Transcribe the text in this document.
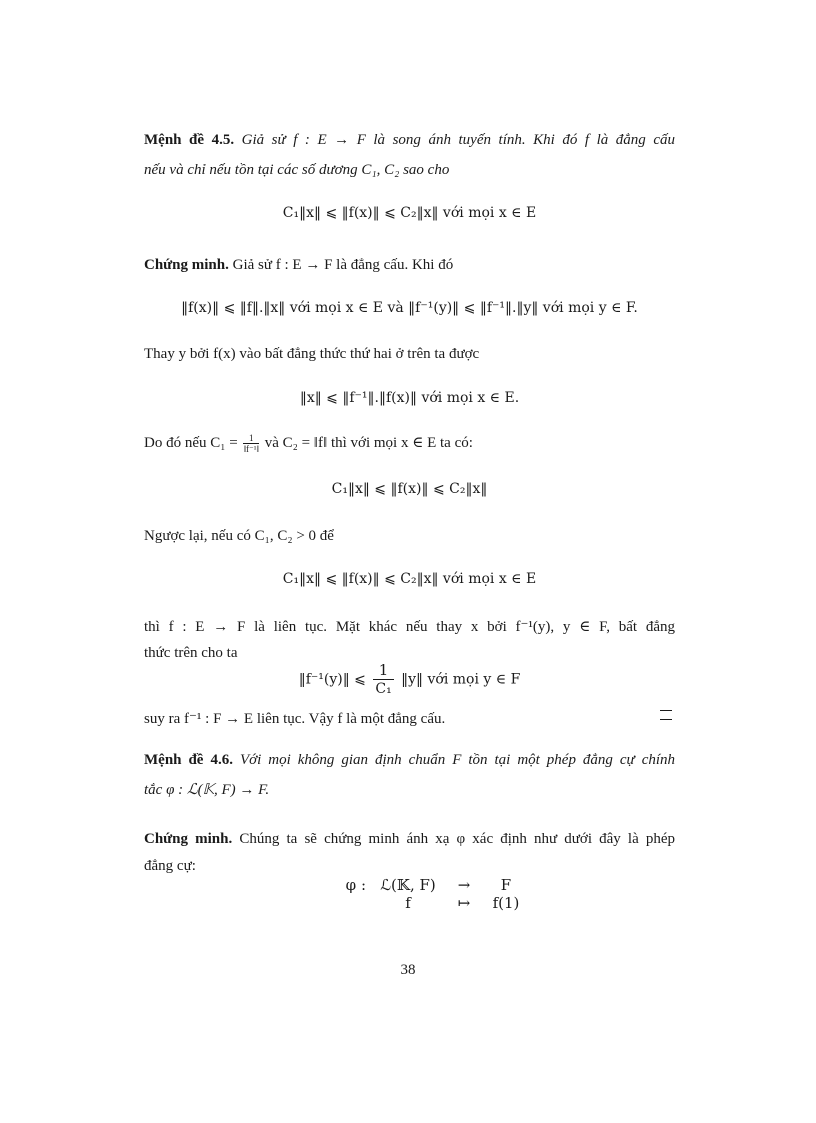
Mệnh đề 4.5. Giả sử f : E → F là song ánh tuyến tính. Khi đó f là đẳng cấu
nếu và chỉ nếu tồn tại các số dương C₁, C₂ sao cho
C₁‖x‖ ⩽ ‖f(x)‖ ⩽ C₂‖x‖ với mọi x ∈ E
Chứng minh. Giả sử f : E → F là đẳng cấu. Khi đó
‖f(x)‖ ⩽ ‖f‖.‖x‖ với mọi x ∈ E và ‖f⁻¹(y)‖ ⩽ ‖f⁻¹‖.‖y‖ với mọi y ∈ F.
Thay y bởi f(x) vào bất đẳng thức thứ hai ở trên ta được
‖x‖ ⩽ ‖f⁻¹‖.‖f(x)‖ với mọi x ∈ E.
Do đó nếu $C_1 = \frac{1}{\text{‖f⁻¹‖}}$ và C₂ = ‖f‖ thì với mọi x ∈ E ta có:
C₁‖x‖ ⩽ ‖f(x)‖ ⩽ C₂‖x‖
Ngược lại, nếu có C₁, C₂ > 0 để
C₁‖x‖ ⩽ ‖f(x)‖ ⩽ C₂‖x‖ với mọi x ∈ E
thì f : E → F là liên tục. Mặt khác nếu thay x bởi f⁻¹(y), y ∈ F, bất đẳng
thức trên cho ta
‖f⁻¹(y)‖ ⩽ $\frac{1}{\text{C₁}}$ ‖y‖ với mọi y ∈ F
suy ra f⁻¹ : F → E liên tục. Vậy f là một đẳng cấu.
Mệnh đề 4.6. Với mọi không gian định chuẩn F tồn tại một phép đẳng cự chính
tắc φ : ℒ(𝕂, F) → F.
Chứng minh. Chúng ta sẽ chứng minh ánh xạ φ xác định như dưới đây là phép
đẳng cự:
φ :	ℒ(𝕂, F)	→	F
	f	↦	f(1)
38
